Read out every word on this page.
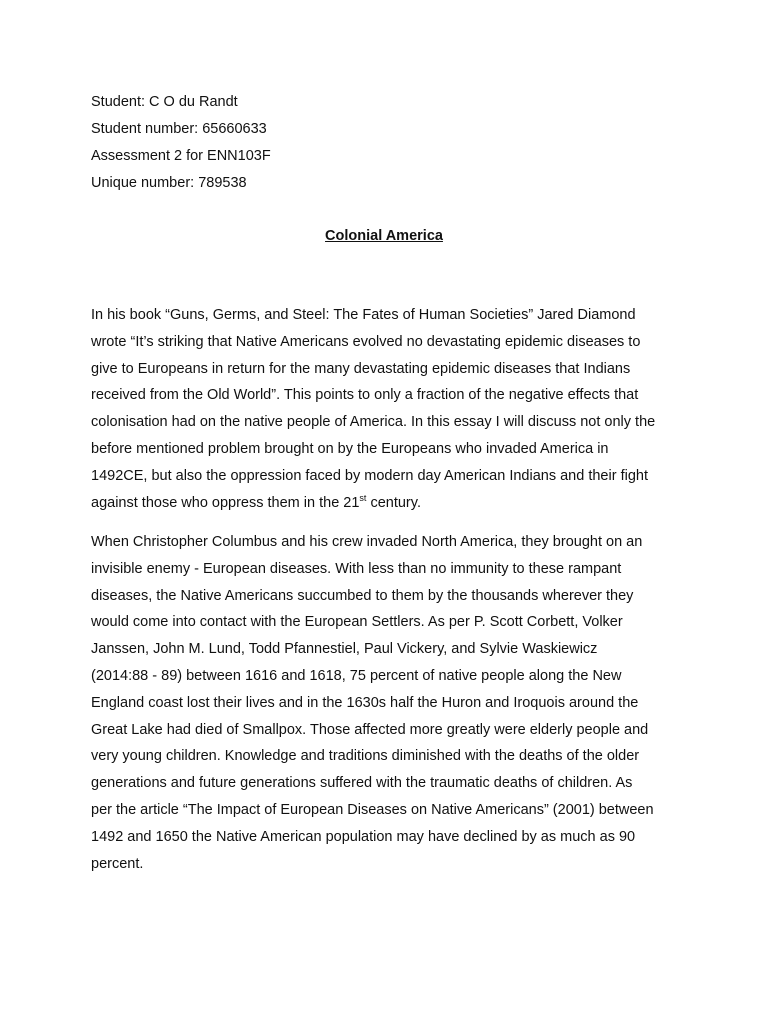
Student: C O du Randt
Student number: 65660633
Assessment 2 for ENN103F
Unique number: 789538
Colonial America
In his book “Guns, Germs, and Steel: The Fates of Human Societies” Jared Diamond
wrote “It’s striking that Native Americans evolved no devastating epidemic diseases to
give to Europeans in return for the many devastating epidemic diseases that Indians
received from the Old World”. This points to only a fraction of the negative effects that
colonisation had on the native people of America. In this essay I will discuss not only the
before mentioned problem brought on by the Europeans who invaded America in
1492CE, but also the oppression faced by modern day American Indians and their fight
against those who oppress them in the 21st century.
When Christopher Columbus and his crew invaded North America, they brought on an
invisible enemy - European diseases. With less than no immunity to these rampant
diseases, the Native Americans succumbed to them by the thousands wherever they
would come into contact with the European Settlers. As per P. Scott Corbett, Volker
Janssen, John M. Lund, Todd Pfannestiel, Paul Vickery, and Sylvie Waskiewicz
(2014:88 - 89) between 1616 and 1618, 75 percent of native people along the New
England coast lost their lives and in the 1630s half the Huron and Iroquois around the
Great Lake had died of Smallpox. Those affected more greatly were elderly people and
very young children. Knowledge and traditions diminished with the deaths of the older
generations and future generations suffered with the traumatic deaths of children. As
per the article “The Impact of European Diseases on Native Americans” (2001) between
1492 and 1650 the Native American population may have declined by as much as 90
percent.
